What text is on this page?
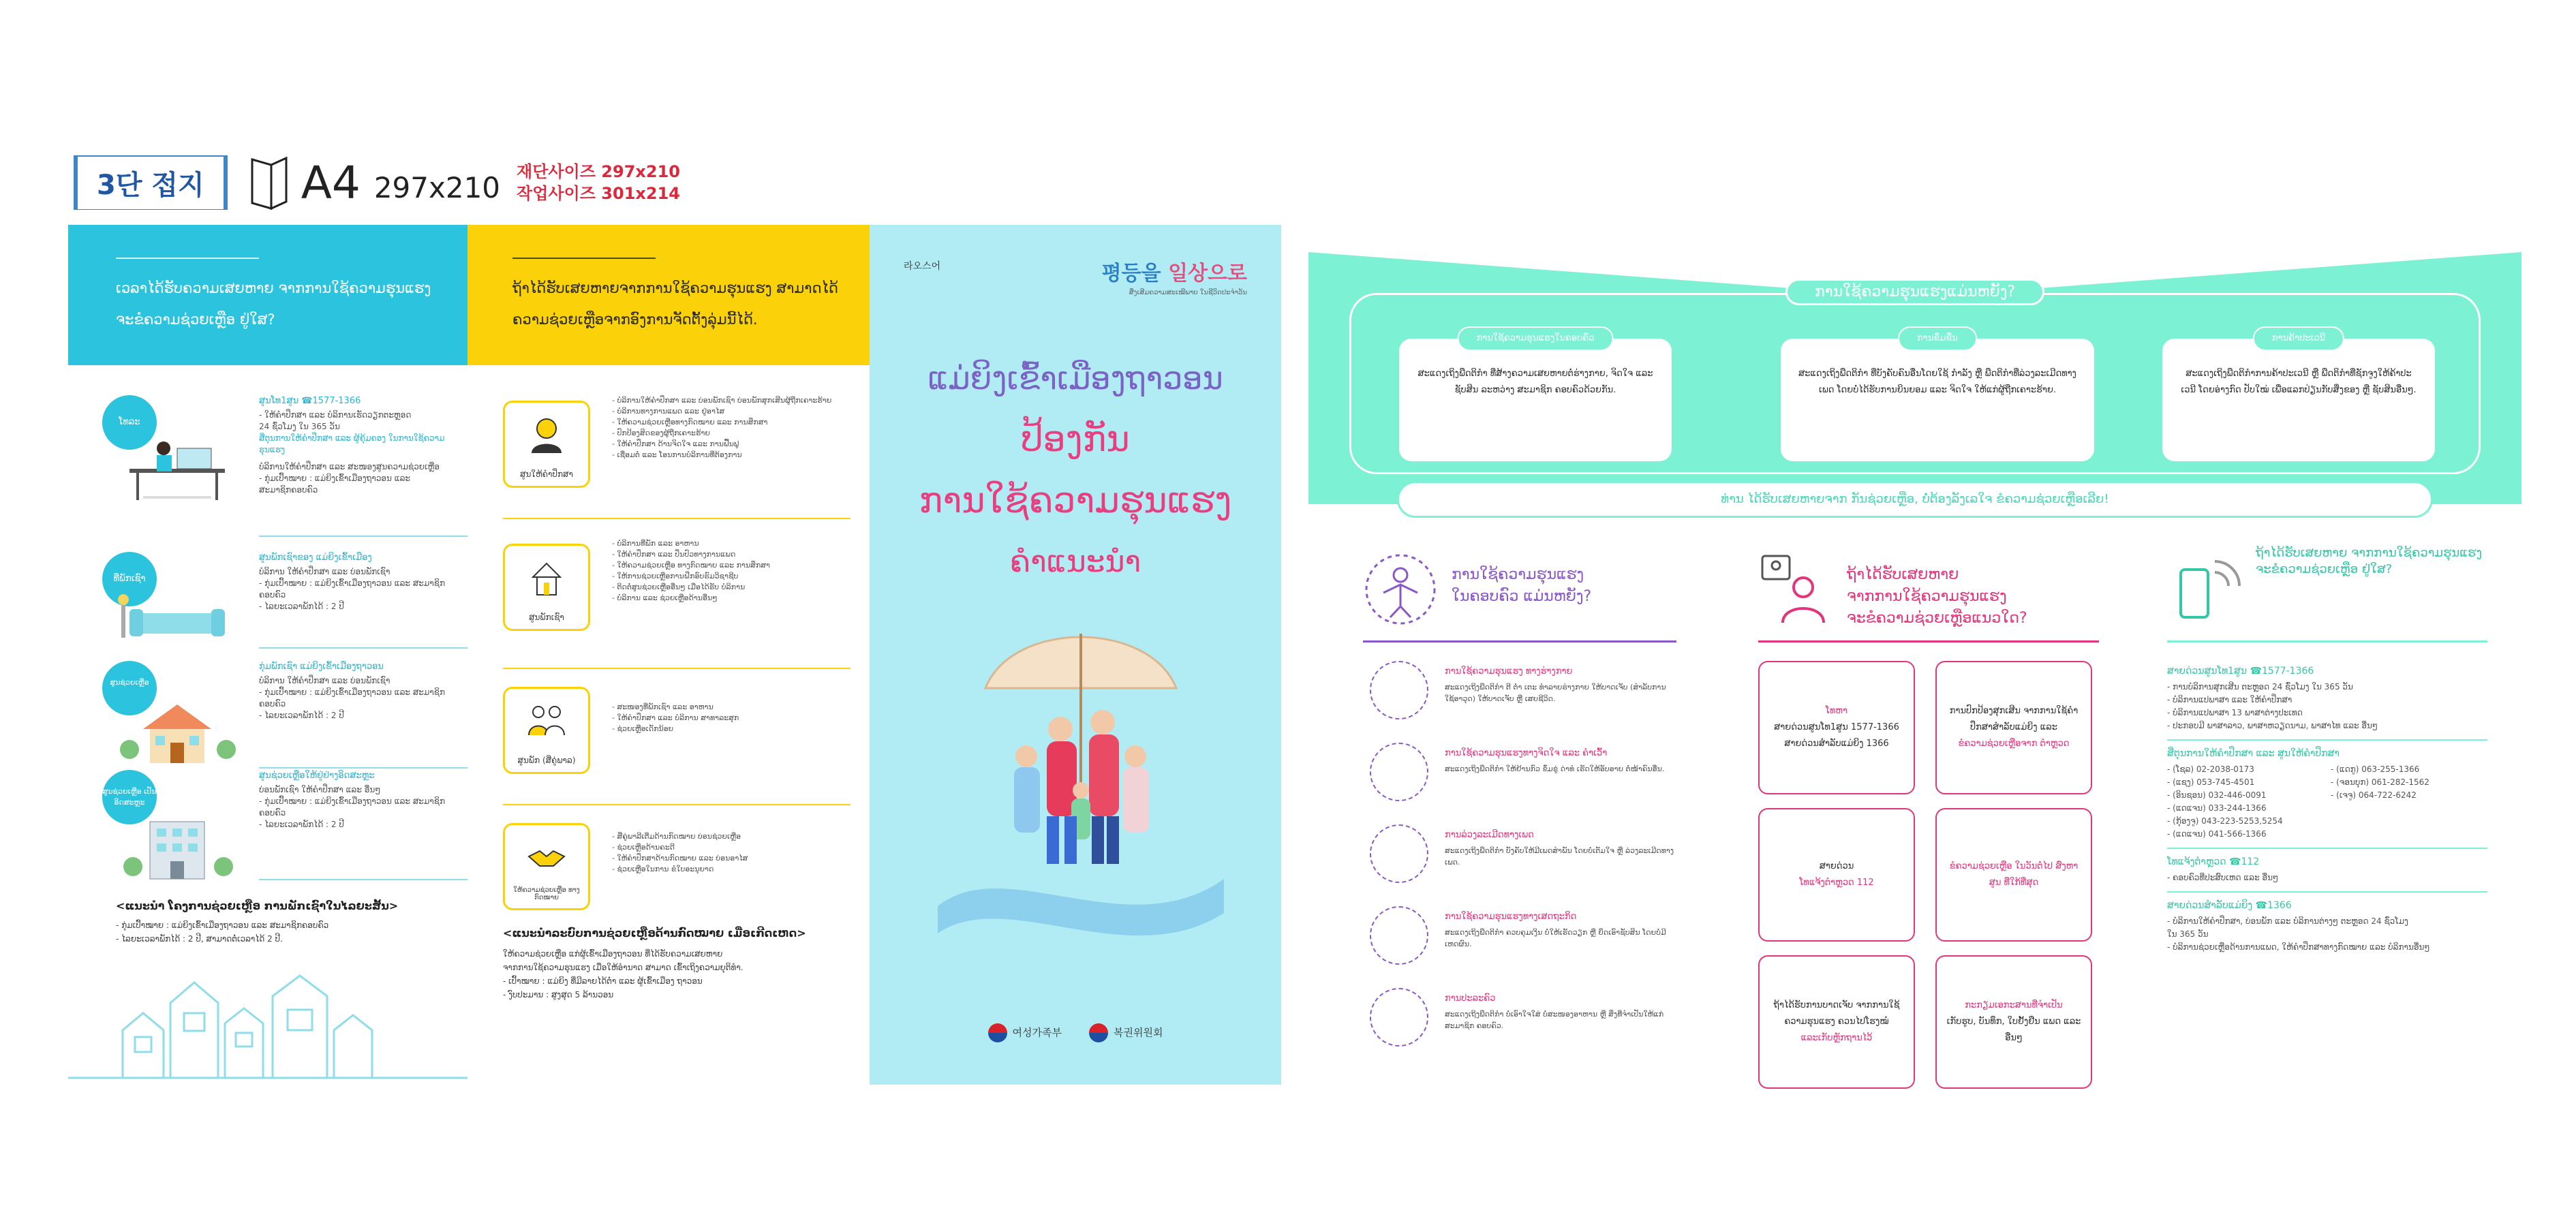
3단 접지	A4 297x210 재단사이즈 297x210
작업사이즈 301x214
ເວລາໄດ້ຮັບຄວາມເສຍຫາຍ ຈາກການໃຊ້ຄວາມຮຸນແຮງ ຈະຂໍຄວາມຊ່ວຍເຫຼືອ ຢູ່ໃສ?
ໂທລະ
ສູນໂທ1ສູນ ☎1577-1366
- ໃຫ້ຄຳປຶກສາ ແລະ ບໍລິການເຮັດວຽກຕະຫຼອດ
24 ຊົ່ວໂມງ ໃນ 365 ວັນ
ສີ່ຕຸນການໃຫ້ຄຳປຶກສາ ແລະ ຜູ້ຄຸ້ມຄອງ ໃນການໃຊ້ຄວາມຮຸນແຮງ
ບໍລິການໃຫ້ຄຳປຶກສາ ແລະ ສະໜອງສູນຄວາມຊ່ວຍເຫຼືອ
- ກຸ່ມເປົ້າໝາຍ : ແມ່ຍິງເຂົ້າເມືອງຖາວອນ ແລະ
ສະມາຊິກຄອບຄົວ
ທີ່ພັກເຊົາ
ສູນພັກເຊົາຂອງ ແມ່ຍິງເຂົ້າເມືອງ
ບໍລິການ ໃຫ້ຄຳປຶກສາ ແລະ ບ່ອນພັກເຊົາ
- ກຸ່ມເປົ້າໝາຍ : ແມ່ຍິງເຂົ້າເມືອງຖາວອນ ແລະ ສະມາຊິກຄອບຄົວ
- ໄລຍະເວລາພັກໄດ້ : 2 ປີ
ສູນຊ່ວຍເຫຼືອ
ກຸ່ມພັກເຊົາ ແມ່ຍິງເຂົ້າເມືອງຖາວອນ
ບໍລິການ ໃຫ້ຄຳປຶກສາ ແລະ ບ່ອນພັກເຊົາ
- ກຸ່ມເປົ້າໝາຍ : ແມ່ຍິງເຂົ້າເມືອງຖາວອນ ແລະ ສະມາຊິກຄອບຄົວ
- ໄລຍະເວລາພັກໄດ້ : 2 ປີ
ສູນຊ່ວຍເຫຼືອ ເປັນອິດສະຫຼະ
ສູນຊ່ວຍເຫຼືອໃຫ້ຢູ່ຢ່າງອິດສະຫຼະ
ບ່ອນພັກເຊົາ ໃຫ້ຄຳປຶກສາ ແລະ ອື່ນໆ
- ກຸ່ມເປົ້າໝາຍ : ແມ່ຍິງເຂົ້າເມືອງຖາວອນ ແລະ ສະມາຊິກຄອບຄົວ
- ໄລຍະເວລາພັກໄດ້ : 2 ປີ
<ແນະນຳ ໂຄງການຊ່ວຍເຫຼືອ ການພັກເຊົາໃນໄລຍະສັ້ນ>
- ກຸ່ມເປົ້າໝາຍ : ແມ່ຍິງເຂົ້າເມືອງຖາວອນ ແລະ ສະມາຊິກຄອບຄົວ
- ໄລຍະເວລາພັກໄດ້ : 2 ປີ, ສາມາດຕໍ່ເວລາໄດ້ 2 ປີ.
ຖ້າໄດ້ຮັບເສຍຫາຍຈາກການໃຊ້ຄວາມຮຸນແຮງ ສາມາດໄດ້ຄວາມຊ່ວຍເຫຼືອຈາກອົງການຈັດຕັ້ງລຸ່ມນີ້ໄດ້.
ສູນໃຫ້ຄຳປຶກສາ
- ບໍລິການໃຫ້ຄຳປຶກສາ ແລະ ບ່ອນພັກເຊົາ ບ່ອນພັກສຸກເສີນຜູ້ຖືກເຄາະຮ້າຍ
- ບໍລິການທາງການແພດ ແລະ ຢູ່ອາໄສ
- ໃຫ້ຄວາມຊ່ວຍເຫຼືອທາງກົດໝາຍ ແລະ ການສຶກສາ
- ປົກປ້ອງສິດຂອງຜູ້ຖືກເຄາະຮ້າຍ
- ໃຫ້ຄຳປຶກສາ ດ້ານຈິດໃຈ ແລະ ການຟື້ນຟູ
- ເຊື່ອມຕໍ່ ແລະ ໂອນການບໍລິການທີ່ຕ້ອງການ
ສູນພັກເຊົາ
- ບໍລິການທີ່ພັກ ແລະ ອາຫານ
- ໃຫ້ຄຳປຶກສາ ແລະ ປິ່ນປົວທາງການແພດ
- ໃຫ້ຄວາມຊ່ວຍເຫຼືອ ທາງກົດໝາຍ ແລະ ການສຶກສາ
- ໃຫ້ການຊ່ວຍເຫຼືອການຝຶກອົບຮົມວິຊາຊີບ
- ຕິດຕໍ່ສູນຊ່ວຍເຫຼືອອື່ນໆ ເມື່ອໄດ້ຮັບ ບໍລິການ
- ບໍລິການ ແລະ ຊ່ວຍເຫຼືອດ້ານອື່ນໆ
ສູນພັກ (ສີ່ຄູ່ພາລ)
- ສະໜອງທີ່ພັກເຊົາ ແລະ ອາຫານ
- ໃຫ້ຄຳປຶກສາ ແລະ ບໍລິການ ສາທາລະສຸກ
- ຊ່ວຍເຫຼືອເດັກນ້ອຍ
ໃຫ້ຄວາມຊ່ວຍເຫຼືອ ທາງກົດໝາຍ
- ສີ່ຄູ່ພາລີເຕີ່ມດ້ານກົດໝາຍ ບ່ອນຊ່ວຍເຫຼືອ
- ຊ່ວຍເຫຼືອດ້ານຄະດີ
- ໃຫ້ຄຳປຶກສາດ້ານກົດໝາຍ ແລະ ບ່ອນອາໄສ
- ຊ່ວຍເຫຼືອໃນການ ຂໍໃບອະນຸຍາດ
<ແນະນຳລະບົບການຊ່ວຍເຫຼືອດ້ານກົດໝາຍ ເມື່ອເກີດເຫດ>
ໃຫ້ຄວາມຊ່ວຍເຫຼືອ ແກ່ຜູ້ເຂົ້າເມືອງຖາວອນ ທີ່ໄດ້ຮັບຄວາມເສຍຫາຍ
ຈາກການໃຊ້ຄວາມຮຸນແຮງ ເມື່ອໃຫ້ອຳນາດ ສາມາດ ເຂົ້າເຖິງຄວາມຍຸຕິທຳ.
- ເປົ້າໝາຍ : ແມ່ຍິງ ທີ່ມີລາຍໄດ້ຕ່ຳ ແລະ ຜູ້ເຂົ້າເມືອງ ຖາວອນ
- ງົບປະມານ : ສູງສຸດ 5 ລ້ານວອນ
라오스어	평등을 일상으로
ສີ່ງເສີມຄວາມສະເໝີພາບ ໃນຊີວິດປະຈຳວັນ
ແມ່ຍິງເຂົ້າເມືອງຖາວອນ
ປ້ອງກັນ
ການໃຊ້ຄວາມຮຸນແຮງ
ຄຳແນະນຳ
여성가족부	복권위원회
ການໃຊ້ຄວາມຮຸນແຮງແມ່ນຫຍັງ?
ການໃຊ້ຄວາມຮຸນແຮງໃນຄອບຄົວ
ສະແດງເຖິງພືດຕິກຳ ທີ່ສ້າງຄວາມເສຍຫາຍຕໍ່ຮ່າງກາຍ, ຈິດໃຈ ແລະ ຊັບສິນ ລະຫວ່າງ ສະມາຊິກ ຄອບຄົວດ້ວຍກັນ.
ການຂົ່ມຂືນ
ສະແດງເຖິງພືດຕິກຳ ທີ່ບັງຄັບຄົນອື່ນໂດຍໃຊ້ ກຳລັງ ຫຼື ພືດຕິກຳທີ່ລ່ວງລະເມີດທາງເພດ ໂດຍບໍ່ໄດ້ຮັບການຍິນຍອມ ແລະ ຈິດໃຈ ໃຫ້ແກ່ຜູ້ຖືກເຄາະຮ້າຍ.
ການຄ້າປະເວນີ
ສະແດງເຖິງພືດຕິກຳການຄ້າປະເວນີ ຫຼື ພືດຕິກຳທີ່ຊັກຈູງໃຫ້ຄ້າປະເວນີ ໂດຍອ່າງກົດ ປັບໃໝ່ ເພື່ອແລກປ່ຽນກັບສິ່ງຂອງ ຫຼື ຊັບສິນອື່ນໆ.
ທ່ານ ໄດ້ຮັບເສຍຫາຍຈາກ ກັນຊ່ວຍເຫຼືອ, ບໍ່ຕ້ອງລັງເລໃຈ ຂໍຄວາມຊ່ວຍເຫຼືອເລີຍ!
ການໃຊ້ຄວາມຮຸນແຮງ
ໃນຄອບຄົວ ແມ່ນຫຍັງ?
ການໃຊ້ຄວາມຮຸນແຮງ ທາງຮ່າງກາຍ
ສະແດງເຖິງພືດຕິກຳ ຕີ ຕໍ່າ ເຕະ ທຳລາຍຮ່າງກາຍ ໃຫ້ບາດເຈັບ (ສຳລັບການ ໃຊ້ອາວຸດ) ໃຫ້ບາດເຈັບ ຫຼື ເສຍຊີວິດ.
ການໃຊ້ຄວາມຮຸນແຮງທາງຈິດໃຈ ແລະ ຄຳເວົ້າ
ສະແດງເຖິງພືດຕິກຳ ໃຫ້ຢ້ານກົວ ຂົ່ມຂູ່ ດ່າທໍ ເຮັດໃຫ້ອັບອາຍ ຕໍ່ໜ້າຄົນອື່ນ.
ການລ່ວງລະເມີດທາງເພດ
ສະແດງເຖິງພືດຕິກຳ ບັງຄັບໃຫ້ມີເພດສຳພັນ ໂດຍບໍ່ເຕັມໃຈ ຫຼື ລ່ວງລະເມີດທາງເພດ.
ການໃຊ້ຄວາມຮຸນແຮງທາງເສດຖະກິດ
ສະແດງເຖິງພືດຕິກຳ ຄວບຄຸມເງິນ ບໍ່ໃຫ້ເຮັດວຽກ ຫຼື ຍຶດເອົາຊັບສິນ ໂດຍບໍ່ມີເຫດຜົນ.
ການປະລະຄົວ
ສະແດງເຖິງພືດຕິກຳ ບໍ່ເອົາໃຈໃສ່ ບໍ່ສະໜອງອາຫານ ຫຼື ສິ່ງທີ່ຈຳເປັນໃຫ້ແກ່ສະມາຊິກ ຄອບຄົວ.
ຖ້າໄດ້ຮັບເສຍຫາຍ
ຈາກການໃຊ້ຄວາມຮຸນແຮງ
ຈະຂໍຄວາມຊ່ວຍເຫຼືອແນວໃດ?
ໂທຫາ
ສາຍດ່ວນສູນໂທ1ສູນ 1577-1366 ສາຍດ່ວນສຳລັບແມ່ຍິງ 1366
ການປົກປ້ອງສຸກເສີນ ຈາກການໃຊ້ຄຳ ປຶກສາສຳລັບແມ່ຍິງ ແລະ
ຂໍຄວາມຊ່ວຍເຫຼືອຈາກ ຕຳຫຼວດ
ສາຍດ່ວນ
ໂທແຈ້ງຕຳຫຼວດ 112
ຂໍຄວາມຊ່ວຍເຫຼືອ ໃນວັນຕໍ່ໄປ ສົ່ງຫາ ສູນ ທີ່ໃກ້ທີ່ສຸດ
ຖ້າໄດ້ຮັບການບາດເຈັບ ຈາກການໃຊ້ ຄວາມຮຸນແຮງ ຄວນໄປໂຮງໝໍ
ແລະເກັບຫຼັກຖານໄວ້
ກະກຽມເອກະສານທີ່ຈຳເປັນ
ເກັບຮູບ, ບັນທຶກ, ໃບຢັ້ງຢືນ ແພດ ແລະ ອື່ນໆ
ຖ້າໄດ້ຮັບເສຍຫາຍ ຈາກການໃຊ້ຄວາມຮຸນແຮງ ຈະຂໍຄວາມຊ່ວຍເຫຼືອ ຢູ່ໃສ?
ສາຍດ່ວນສູນໂທ1ສູນ ☎1577-1366
- ການບໍລິການສຸກເສີນ ຕະຫຼອດ 24 ຊົ່ວໂມງ ໃນ 365 ວັນ
- ບໍລິການແປພາສາ ແລະ ໃຫ້ຄຳປຶກສາ
- ບໍລິການແປພາສາ 13 ພາສາຕ່າງປະເທດ
- ປະກອບມີ ພາສາລາວ, ພາສາຫວຽດນາມ, ພາສາໄທ ແລະ ອື່ນໆ
ສີ່ຕຸນການໃຫ້ຄຳປຶກສາ ແລະ ສູນໃຫ້ຄຳປຶກສາ
- (ໂຊລ) 02-2038-0173
- (ແຊງ) 053-745-4501
- (ອິນຊອນ) 032-446-0091
- (ແດແຈນ) 033-244-1366
- (ກຸ້ອງຈູ) 043-223-5253,5254
- (ແດແຈນ) 041-566-1366
- (ແດກູ) 063-255-1366
- (ຈອນບຸກ) 061-282-1562
- (ເຈຈູ) 064-722-6242
ໂທແຈ້ງຕຳຫຼວດ ☎112
- ຄອບຄົວທີ່ປະສົບເຫດ ແລະ ອື່ນໆ
ສາຍດ່ວນສຳລັບແມ່ຍິງ ☎1366
- ບໍລິການໃຫ້ຄຳປຶກສາ, ບ່ອນພັກ ແລະ ບໍລິການຕ່າງໆ ຕະຫຼອດ 24 ຊົ່ວໂມງ
ໃນ 365 ວັນ
- ບໍລິການຊ່ວຍເຫຼືອດ້ານການແພດ, ໃຫ້ຄຳປຶກສາທາງກົດໝາຍ ແລະ ບໍລິການອື່ນໆ
